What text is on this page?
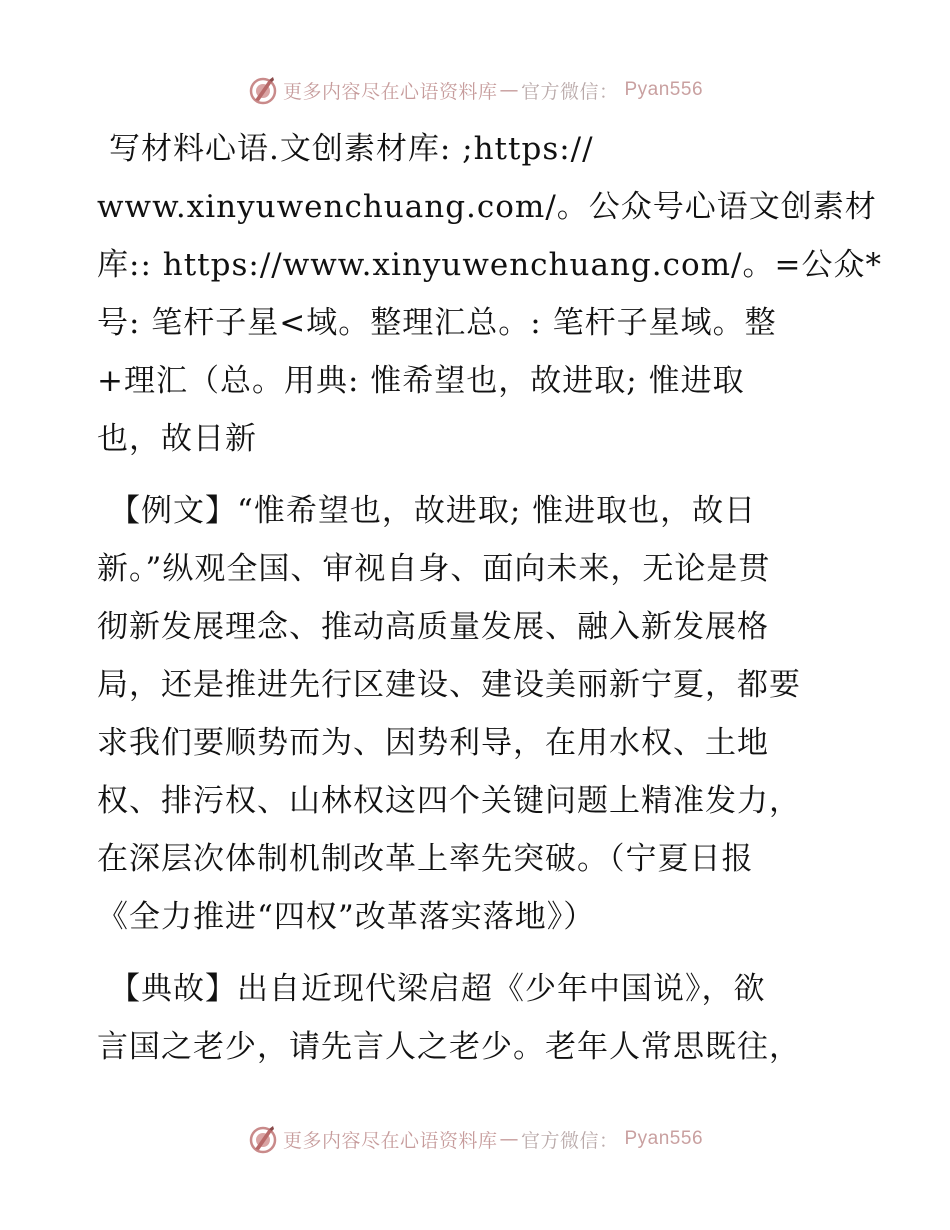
更多内容尽在心语资料库 — 官方微信： Pyan556

写材料心语.文创素材库: ;https://
www.xinyuwenchuang.com/。公众号心语文创素材
库:: https://www.xinyuwenchuang.com/。=公众*
号: 笔杆子星<域。整理汇总。: 笔杆子星域。整
+理汇（总。用典: 惟希望也，故进取; 惟进取
也，故日新

【例文】“惟希望也，故进取; 惟进取也，故日
新。”纵观全国、审视自身、面向未来，无论是贯
彻新发展理念、推动高质量发展、融入新发展格
局，还是推进先行区建设、建设美丽新宁夏，都要
求我们要顺势而为、因势利导，在用水权、土地
权、排污权、山林权这四个关键问题上精准发力，
在深层次体制机制改革上率先突破。（宁夏日报
《全力推进“四权”改革落实落地》）

【典故】出自近现代梁启超《少年中国说》，欲
言国之老少，请先言人之老少。老年人常思既往，

更多内容尽在心语资料库 — 官方微信： Pyan556
